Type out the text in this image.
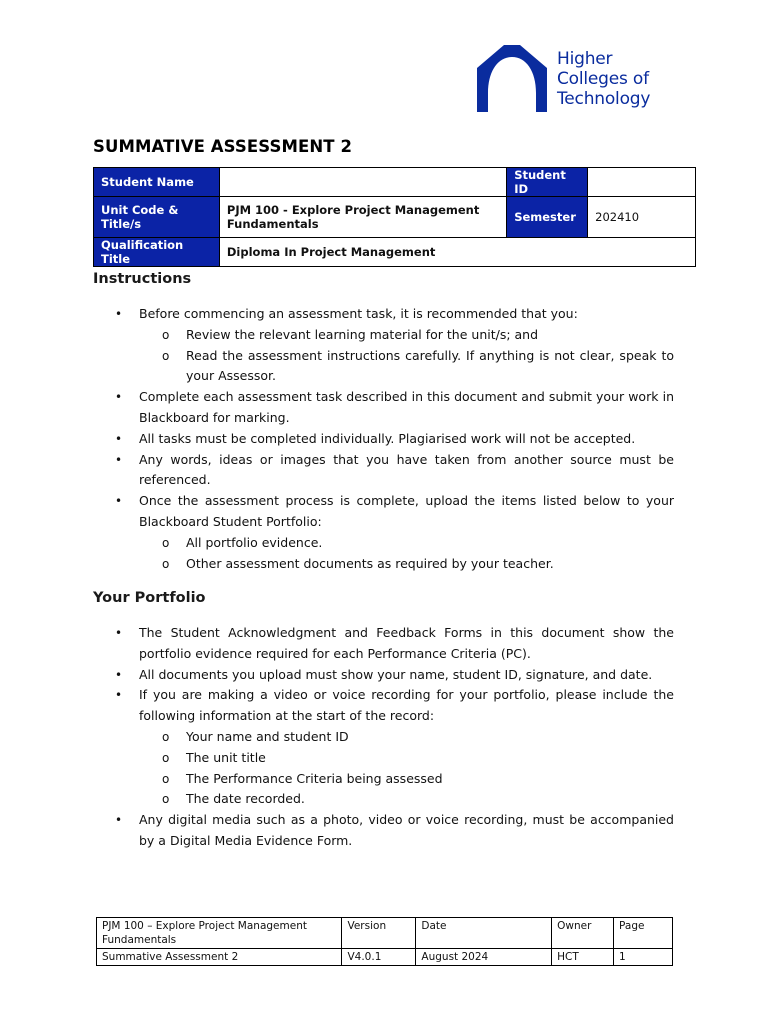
Higher
Colleges of
Technology
SUMMATIVE ASSESSMENT 2
Student Name		Student ID	
Unit Code & Title/s	PJM 100 - Explore Project Management Fundamentals	Semester	202410
Qualification Title	Diploma In Project Management		
Instructions
• Before commencing an assessment task, it is recommended that you:
o Review the relevant learning material for the unit/s; and
o Read the assessment instructions carefully. If anything is not clear, speak to your Assessor.
• Complete each assessment task described in this document and submit your work in Blackboard for marking.
• All tasks must be completed individually. Plagiarised work will not be accepted.
• Any words, ideas or images that you have taken from another source must be referenced.
• Once the assessment process is complete, upload the items listed below to your Blackboard Student Portfolio:
o All portfolio evidence.
o Other assessment documents as required by your teacher.
Your Portfolio
• The Student Acknowledgment and Feedback Forms in this document show the portfolio evidence required for each Performance Criteria (PC).
• All documents you upload must show your name, student ID, signature, and date.
• If you are making a video or voice recording for your portfolio, please include the following information at the start of the record:
o Your name and student ID
o The unit title
o The Performance Criteria being assessed
o The date recorded.
• Any digital media such as a photo, video or voice recording, must be accompanied by a Digital Media Evidence Form.
PJM 100 – Explore Project Management Fundamentals	Version	Date	Owner	Page
Summative Assessment 2	V4.0.1	August 2024	HCT	1
